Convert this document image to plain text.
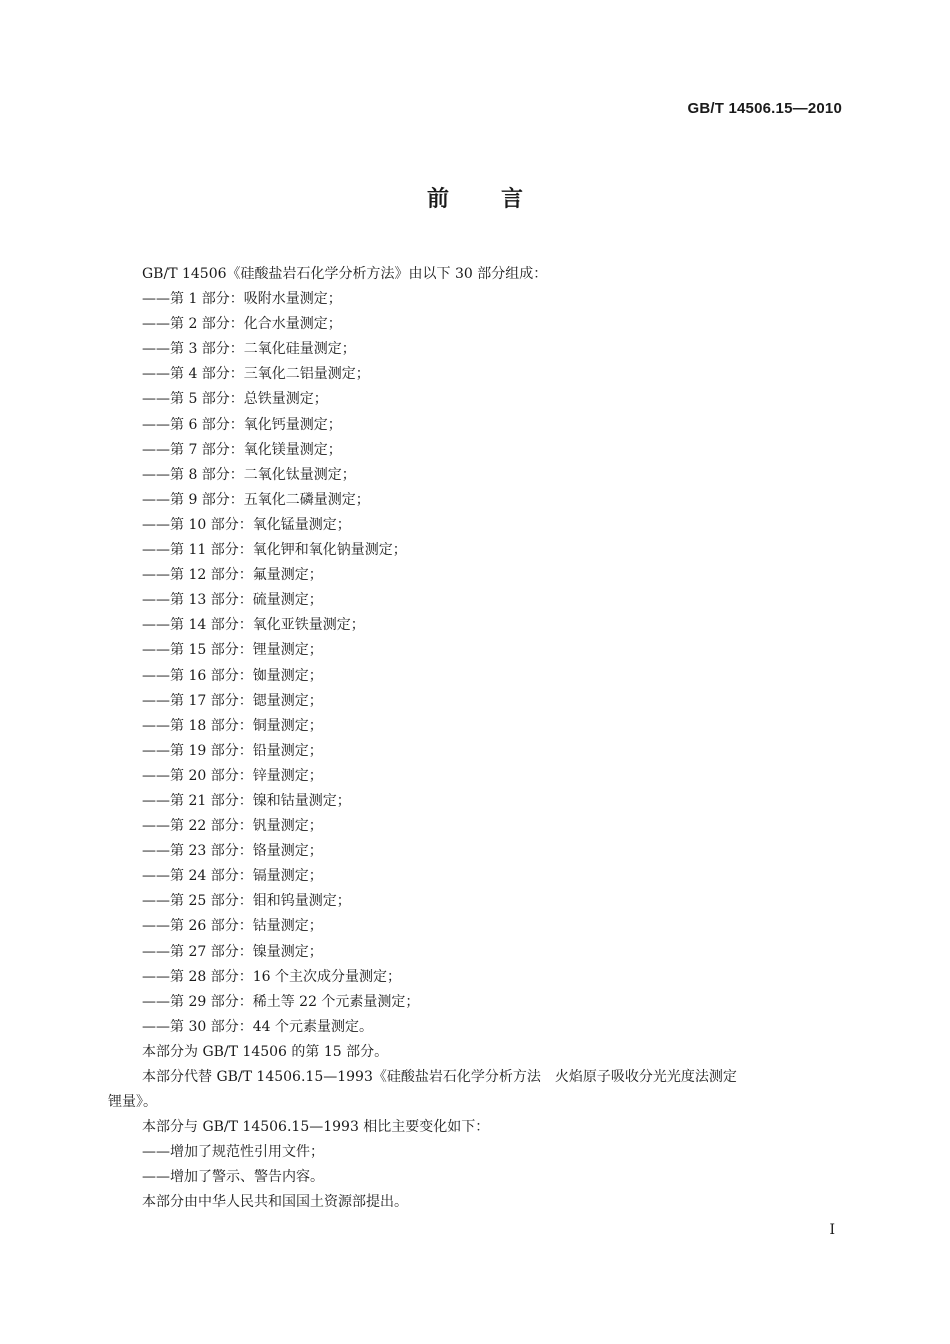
GB/T 14506.15—2010
前言
GB/T 14506《硅酸盐岩石化学分析方法》由以下 30 部分组成：
——第 1 部分：吸附水量测定；
——第 2 部分：化合水量测定；
——第 3 部分：二氧化硅量测定；
——第 4 部分：三氧化二铝量测定；
——第 5 部分：总铁量测定；
——第 6 部分：氧化钙量测定；
——第 7 部分：氧化镁量测定；
——第 8 部分：二氧化钛量测定；
——第 9 部分：五氧化二磷量测定；
——第 10 部分：氧化锰量测定；
——第 11 部分：氧化钾和氧化钠量测定；
——第 12 部分：氟量测定；
——第 13 部分：硫量测定；
——第 14 部分：氧化亚铁量测定；
——第 15 部分：锂量测定；
——第 16 部分：铷量测定；
——第 17 部分：锶量测定；
——第 18 部分：铜量测定；
——第 19 部分：铅量测定；
——第 20 部分：锌量测定；
——第 21 部分：镍和钴量测定；
——第 22 部分：钒量测定；
——第 23 部分：铬量测定；
——第 24 部分：镉量测定；
——第 25 部分：钼和钨量测定；
——第 26 部分：钴量测定；
——第 27 部分：镍量测定；
——第 28 部分：16 个主次成分量测定；
——第 29 部分：稀土等 22 个元素量测定；
——第 30 部分：44 个元素量测定。
本部分为 GB/T 14506 的第 15 部分。
本部分代替 GB/T 14506.15—1993《硅酸盐岩石化学分析方法　火焰原子吸收分光光度法测定
锂量》。
本部分与 GB/T 14506.15—1993 相比主要变化如下：
——增加了规范性引用文件；
——增加了警示、警告内容。
本部分由中华人民共和国国土资源部提出。
I
